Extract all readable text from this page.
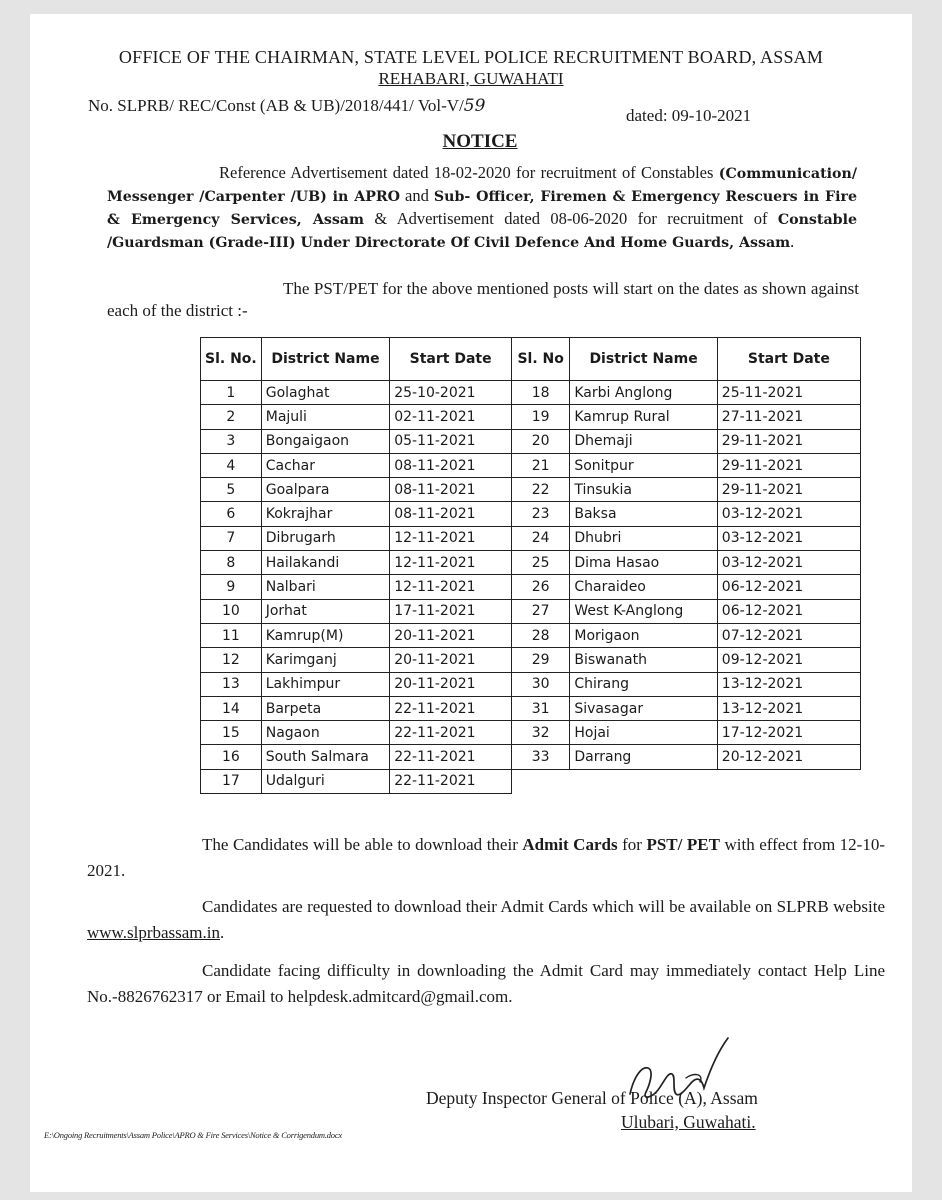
OFFICE OF THE CHAIRMAN, STATE LEVEL POLICE RECRUITMENT BOARD, ASSAM

REHABARI, GUWAHATI

No. SLPRB/ REC/Const (AB & UB)/2018/441/ Vol-V/59	dated: 09-10-2021

NOTICE

Reference Advertisement dated 18-02-2020 for recruitment of Constables (Communication/ Messenger /Carpenter /UB) in APRO and Sub- Officer, Firemen & Emergency Rescuers in Fire & Emergency Services, Assam & Advertisement dated 08-06-2020 for recruitment of Constable /Guardsman (Grade-III) Under Directorate Of Civil Defence And Home Guards, Assam.

The PST/PET for the above mentioned posts will start on the dates as shown against each of the district :-

Sl. No.	District Name	Start Date
1	Golaghat	25-10-2021
2	Majuli	02-11-2021
3	Bongaigaon	05-11-2021
4	Cachar	08-11-2021
5	Goalpara	08-11-2021
6	Kokrajhar	08-11-2021
7	Dibrugarh	12-11-2021
8	Hailakandi	12-11-2021
9	Nalbari	12-11-2021
10	Jorhat	17-11-2021
11	Kamrup(M)	20-11-2021
12	Karimganj	20-11-2021
13	Lakhimpur	20-11-2021
14	Barpeta	22-11-2021
15	Nagaon	22-11-2021
16	South Salmara	22-11-2021
17	Udalguri	22-11-2021
Sl. No	District Name	Start Date
18	Karbi Anglong	25-11-2021
19	Kamrup Rural	27-11-2021
20	Dhemaji	29-11-2021
21	Sonitpur	29-11-2021
22	Tinsukia	29-11-2021
23	Baksa	03-12-2021
24	Dhubri	03-12-2021
25	Dima Hasao	03-12-2021
26	Charaideo	06-12-2021
27	West K-Anglong	06-12-2021
28	Morigaon	07-12-2021
29	Biswanath	09-12-2021
30	Chirang	13-12-2021
31	Sivasagar	13-12-2021
32	Hojai	17-12-2021
33	Darrang	20-12-2021

The Candidates will be able to download their Admit Cards for PST/ PET with effect from 12-10-2021.

Candidates are requested to download their Admit Cards which will be available on SLPRB website www.slprbassam.in.

Candidate facing difficulty in downloading the Admit Card may immediately contact Help Line No.-8826762317 or Email to helpdesk.admitcard@gmail.com.

Deputy Inspector General of Police (A), Assam

Ulubari, Guwahati.

E:\Ongoing Recruitments\Assam Police\APRO & Fire Services\Notice & Corrigendum.docx
